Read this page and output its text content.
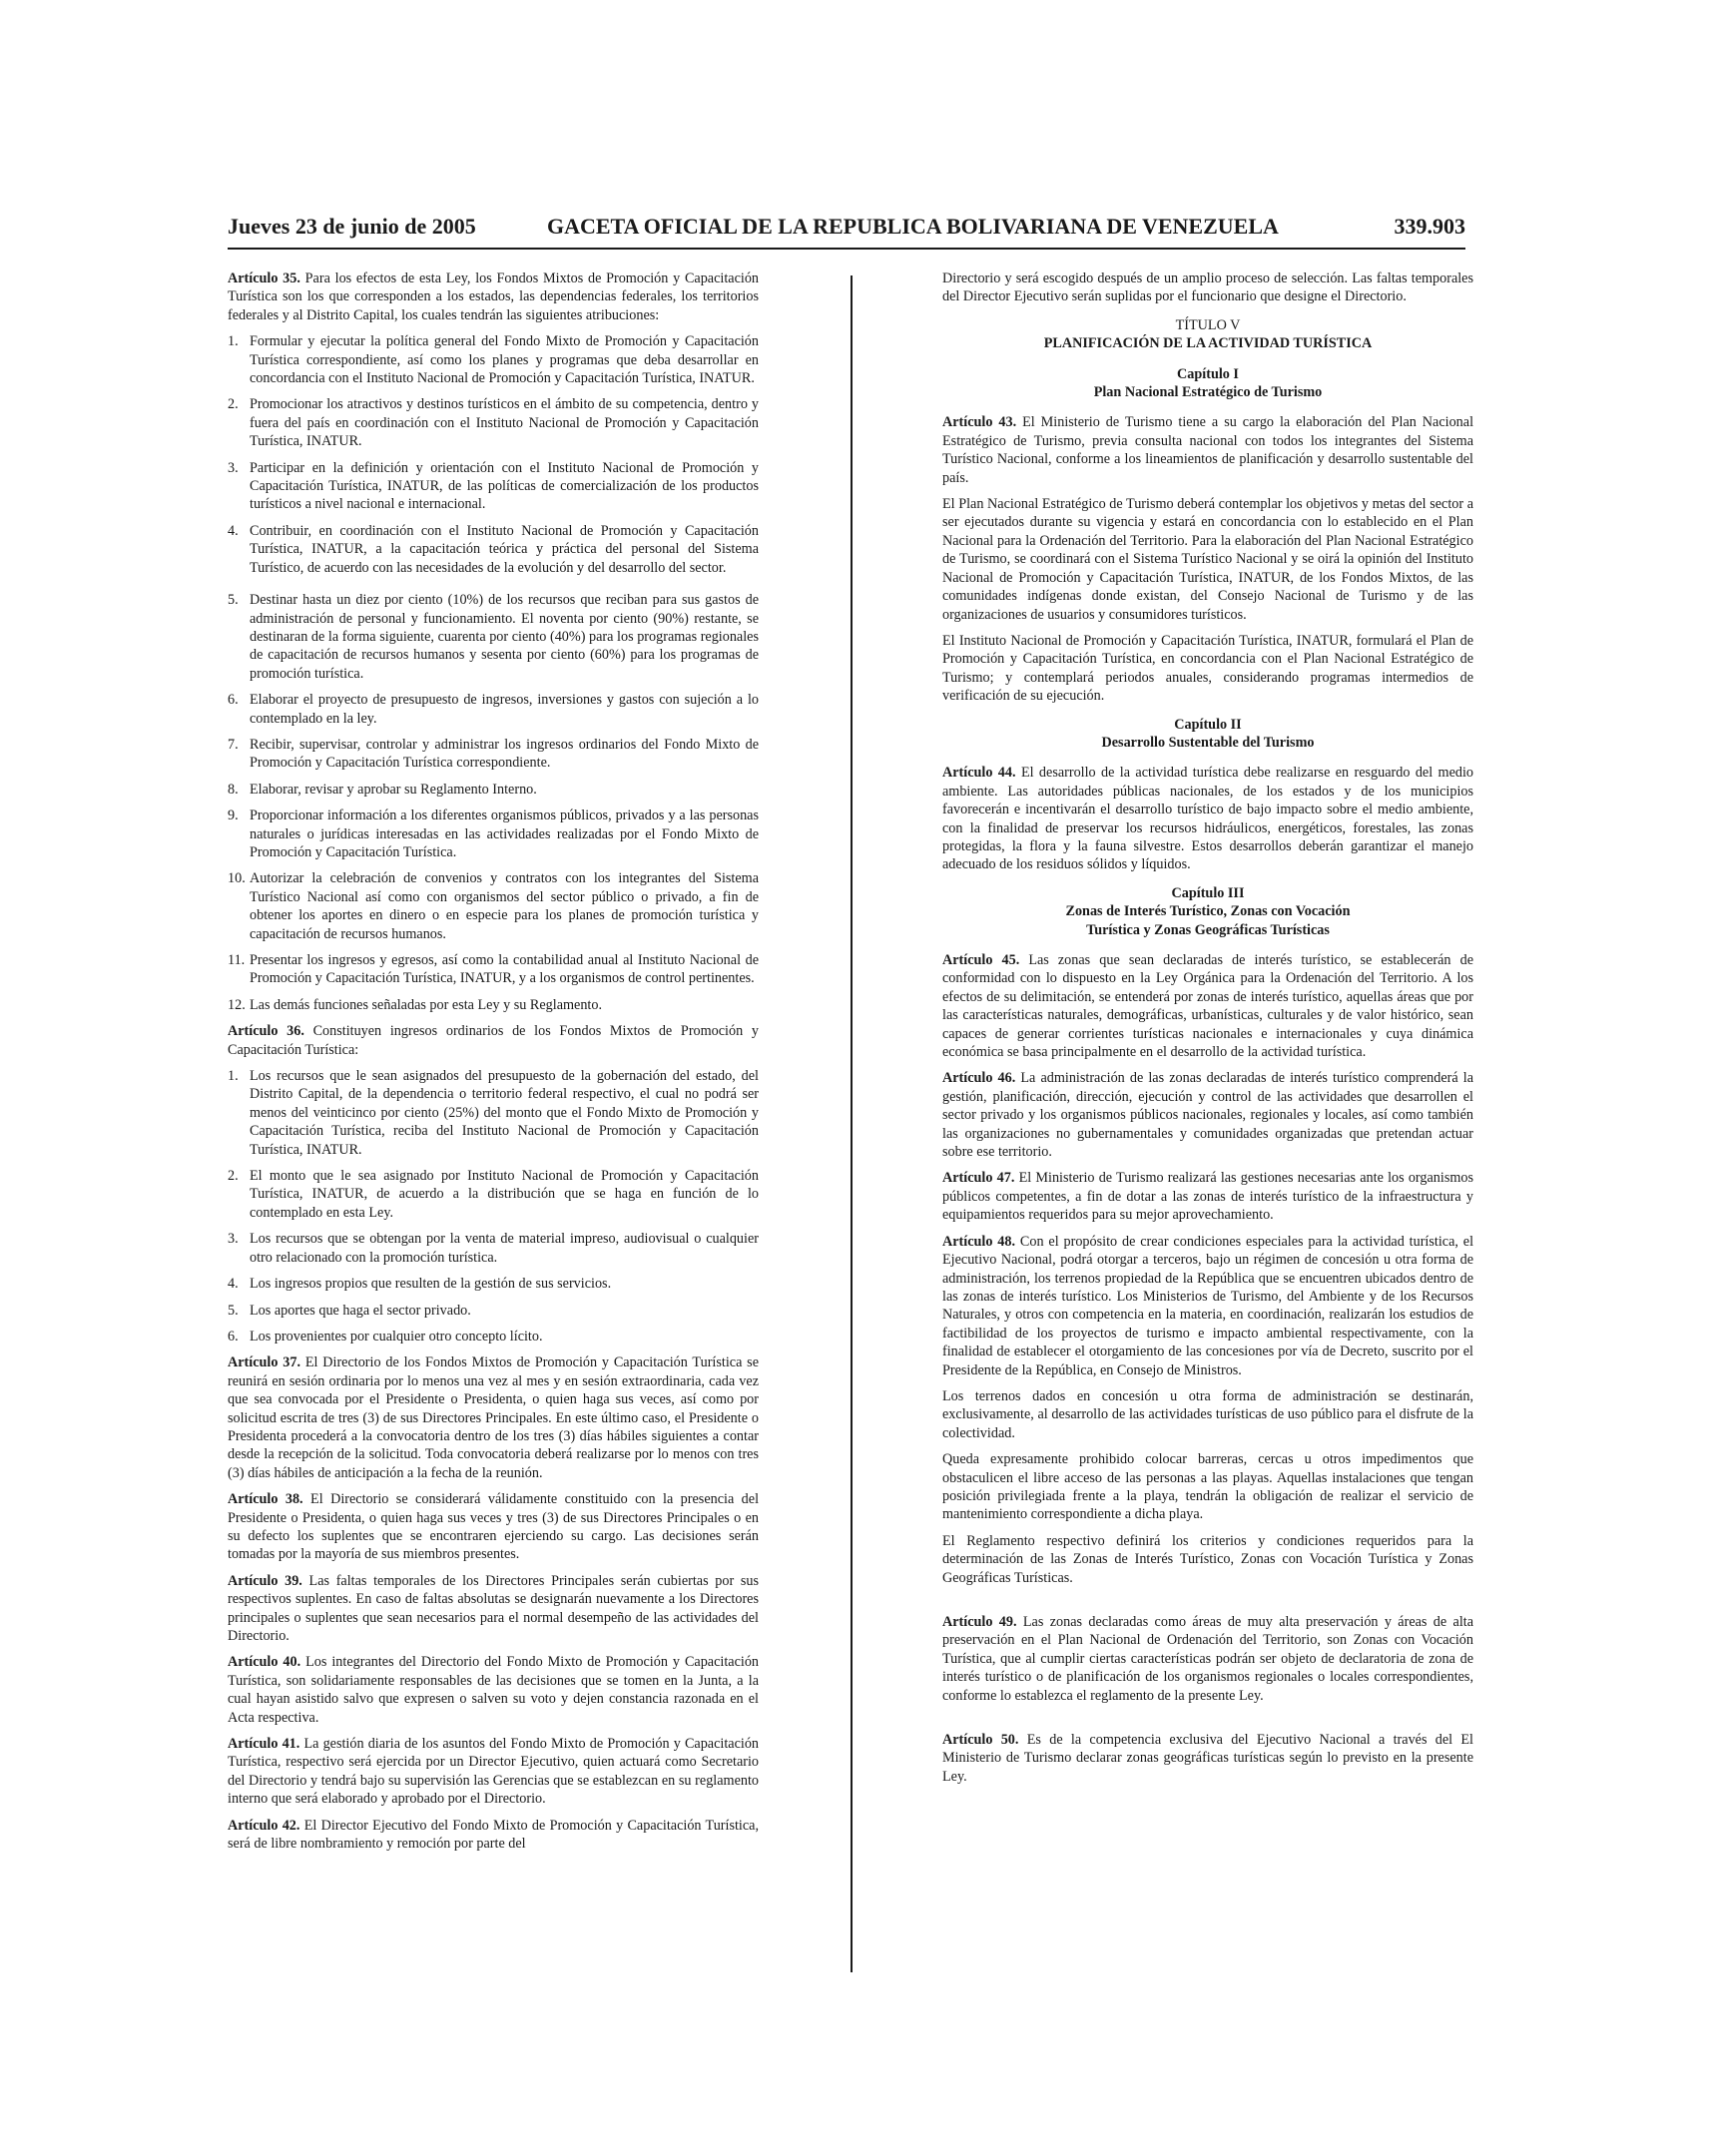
Jueves 23 de junio de 2005	GACETA OFICIAL DE LA REPUBLICA BOLIVARIANA DE VENEZUELA	339.903

Artículo 35. Para los efectos de esta Ley, los Fondos Mixtos de Promoción y Capacitación Turística son los que corresponden a los estados, las dependencias federales, los territorios federales y al Distrito Capital, los cuales tendrán las siguientes atribuciones:

1. Formular y ejecutar la política general del Fondo Mixto de Promoción y Capacitación Turística correspondiente, así como los planes y programas que deba desarrollar en concordancia con el Instituto Nacional de Promoción y Capacitación Turística, INATUR.
2. Promocionar los atractivos y destinos turísticos en el ámbito de su competencia, dentro y fuera del país en coordinación con el Instituto Nacional de Promoción y Capacitación Turística, INATUR.
3. Participar en la definición y orientación con el Instituto Nacional de Promoción y Capacitación Turística, INATUR, de las políticas de comercialización de los productos turísticos a nivel nacional e internacional.
4. Contribuir, en coordinación con el Instituto Nacional de Promoción y Capacitación Turística, INATUR, a la capacitación teórica y práctica del personal del Sistema Turístico, de acuerdo con las necesidades de la evolución y del desarrollo del sector.
5. Destinar hasta un diez por ciento (10%) de los recursos que reciban para sus gastos de administración de personal y funcionamiento. El noventa por ciento (90%) restante, se destinaran de la forma siguiente, cuarenta por ciento (40%) para los programas regionales de capacitación de recursos humanos y sesenta por ciento (60%) para los programas de promoción turística.
6. Elaborar el proyecto de presupuesto de ingresos, inversiones y gastos con sujeción a lo contemplado en la ley.
7. Recibir, supervisar, controlar y administrar los ingresos ordinarios del Fondo Mixto de Promoción y Capacitación Turística correspondiente.
8. Elaborar, revisar y aprobar su Reglamento Interno.
9. Proporcionar información a los diferentes organismos públicos, privados y a las personas naturales o jurídicas interesadas en las actividades realizadas por el Fondo Mixto de Promoción y Capacitación Turística.
10. Autorizar la celebración de convenios y contratos con los integrantes del Sistema Turístico Nacional así como con organismos del sector público o privado, a fin de obtener los aportes en dinero o en especie para los planes de promoción turística y capacitación de recursos humanos.
11. Presentar los ingresos y egresos, así como la contabilidad anual al Instituto Nacional de Promoción y Capacitación Turística, INATUR, y a los organismos de control pertinentes.
12. Las demás funciones señaladas por esta Ley y su Reglamento.

Artículo 36. Constituyen ingresos ordinarios de los Fondos Mixtos de Promoción y Capacitación Turística:

1. Los recursos que le sean asignados del presupuesto de la gobernación del estado, del Distrito Capital, de la dependencia o territorio federal respectivo, el cual no podrá ser menos del veinticinco por ciento (25%) del monto que el Fondo Mixto de Promoción y Capacitación Turística, reciba del Instituto Nacional de Promoción y Capacitación Turística, INATUR.
2. El monto que le sea asignado por Instituto Nacional de Promoción y Capacitación Turística, INATUR, de acuerdo a la distribución que se haga en función de lo contemplado en esta Ley.
3. Los recursos que se obtengan por la venta de material impreso, audiovisual o cualquier otro relacionado con la promoción turística.
4. Los ingresos propios que resulten de la gestión de sus servicios.
5. Los aportes que haga el sector privado.
6. Los provenientes por cualquier otro concepto lícito.

Artículo 37. El Directorio de los Fondos Mixtos de Promoción y Capacitación Turística se reunirá en sesión ordinaria por lo menos una vez al mes y en sesión extraordinaria, cada vez que sea convocada por el Presidente o Presidenta, o quien haga sus veces, así como por solicitud escrita de tres (3) de sus Directores Principales. En este último caso, el Presidente o Presidenta procederá a la convocatoria dentro de los tres (3) días hábiles siguientes a contar desde la recepción de la solicitud. Toda convocatoria deberá realizarse por lo menos con tres (3) días hábiles de anticipación a la fecha de la reunión.

Artículo 38. El Directorio se considerará válidamente constituido con la presencia del Presidente o Presidenta, o quien haga sus veces y tres (3) de sus Directores Principales o en su defecto los suplentes que se encontraren ejerciendo su cargo. Las decisiones serán tomadas por la mayoría de sus miembros presentes.

Artículo 39. Las faltas temporales de los Directores Principales serán cubiertas por sus respectivos suplentes. En caso de faltas absolutas se designarán nuevamente a los Directores principales o suplentes que sean necesarios para el normal desempeño de las actividades del Directorio.

Artículo 40. Los integrantes del Directorio del Fondo Mixto de Promoción y Capacitación Turística, son solidariamente responsables de las decisiones que se tomen en la Junta, a la cual hayan asistido salvo que expresen o salven su voto y dejen constancia razonada en el Acta respectiva.

Artículo 41. La gestión diaria de los asuntos del Fondo Mixto de Promoción y Capacitación Turística, respectivo será ejercida por un Director Ejecutivo, quien actuará como Secretario del Directorio y tendrá bajo su supervisión las Gerencias que se establezcan en su reglamento interno que será elaborado y aprobado por el Directorio.

Artículo 42. El Director Ejecutivo del Fondo Mixto de Promoción y Capacitación Turística, será de libre nombramiento y remoción por parte del

Directorio y será escogido después de un amplio proceso de selección. Las faltas temporales del Director Ejecutivo serán suplidas por el funcionario que designe el Directorio.

TÍTULO V
PLANIFICACIÓN DE LA ACTIVIDAD TURÍSTICA
Capítulo I
Plan Nacional Estratégico de Turismo

Artículo 43. El Ministerio de Turismo tiene a su cargo la elaboración del Plan Nacional Estratégico de Turismo, previa consulta nacional con todos los integrantes del Sistema Turístico Nacional, conforme a los lineamientos de planificación y desarrollo sustentable del país.

El Plan Nacional Estratégico de Turismo deberá contemplar los objetivos y metas del sector a ser ejecutados durante su vigencia y estará en concordancia con lo establecido en el Plan Nacional para la Ordenación del Territorio. Para la elaboración del Plan Nacional Estratégico de Turismo, se coordinará con el Sistema Turístico Nacional y se oirá la opinión del Instituto Nacional de Promoción y Capacitación Turística, INATUR, de los Fondos Mixtos, de las comunidades indígenas donde existan, del Consejo Nacional de Turismo y de las organizaciones de usuarios y consumidores turísticos.

El Instituto Nacional de Promoción y Capacitación Turística, INATUR, formulará el Plan de Promoción y Capacitación Turística, en concordancia con el Plan Nacional Estratégico de Turismo; y contemplará periodos anuales, considerando programas intermedios de verificación de su ejecución.

Capítulo II
Desarrollo Sustentable del Turismo

Artículo 44. El desarrollo de la actividad turística debe realizarse en resguardo del medio ambiente. Las autoridades públicas nacionales, de los estados y de los municipios favorecerán e incentivarán el desarrollo turístico de bajo impacto sobre el medio ambiente, con la finalidad de preservar los recursos hidráulicos, energéticos, forestales, las zonas protegidas, la flora y la fauna silvestre. Estos desarrollos deberán garantizar el manejo adecuado de los residuos sólidos y líquidos.

Capítulo III
Zonas de Interés Turístico, Zonas con Vocación
Turística y Zonas Geográficas Turísticas

Artículo 45. Las zonas que sean declaradas de interés turístico, se establecerán de conformidad con lo dispuesto en la Ley Orgánica para la Ordenación del Territorio. A los efectos de su delimitación, se entenderá por zonas de interés turístico, aquellas áreas que por las características naturales, demográficas, urbanísticas, culturales y de valor histórico, sean capaces de generar corrientes turísticas nacionales e internacionales y cuya dinámica económica se basa principalmente en el desarrollo de la actividad turística.

Artículo 46. La administración de las zonas declaradas de interés turístico comprenderá la gestión, planificación, dirección, ejecución y control de las actividades que desarrollen el sector privado y los organismos públicos nacionales, regionales y locales, así como también las organizaciones no gubernamentales y comunidades organizadas que pretendan actuar sobre ese territorio.

Artículo 47. El Ministerio de Turismo realizará las gestiones necesarias ante los organismos públicos competentes, a fin de dotar a las zonas de interés turístico de la infraestructura y equipamientos requeridos para su mejor aprovechamiento.

Artículo 48. Con el propósito de crear condiciones especiales para la actividad turística, el Ejecutivo Nacional, podrá otorgar a terceros, bajo un régimen de concesión u otra forma de administración, los terrenos propiedad de la República que se encuentren ubicados dentro de las zonas de interés turístico. Los Ministerios de Turismo, del Ambiente y de los Recursos Naturales, y otros con competencia en la materia, en coordinación, realizarán los estudios de factibilidad de los proyectos de turismo e impacto ambiental respectivamente, con la finalidad de establecer el otorgamiento de las concesiones por vía de Decreto, suscrito por el Presidente de la República, en Consejo de Ministros.

Los terrenos dados en concesión u otra forma de administración se destinarán, exclusivamente, al desarrollo de las actividades turísticas de uso público para el disfrute de la colectividad.

Queda expresamente prohibido colocar barreras, cercas u otros impedimentos que obstaculicen el libre acceso de las personas a las playas. Aquellas instalaciones que tengan posición privilegiada frente a la playa, tendrán la obligación de realizar el servicio de mantenimiento correspondiente a dicha playa.

El Reglamento respectivo definirá los criterios y condiciones requeridos para la determinación de las Zonas de Interés Turístico, Zonas con Vocación Turística y Zonas Geográficas Turísticas.

Artículo 49. Las zonas declaradas como áreas de muy alta preservación y áreas de alta preservación en el Plan Nacional de Ordenación del Territorio, son Zonas con Vocación Turística, que al cumplir ciertas características podrán ser objeto de declaratoria de zona de interés turístico o de planificación de los organismos regionales o locales correspondientes, conforme lo establezca el reglamento de la presente Ley.

Artículo 50. Es de la competencia exclusiva del Ejecutivo Nacional a través del El Ministerio de Turismo declarar zonas geográficas turísticas según lo previsto en la presente Ley.
